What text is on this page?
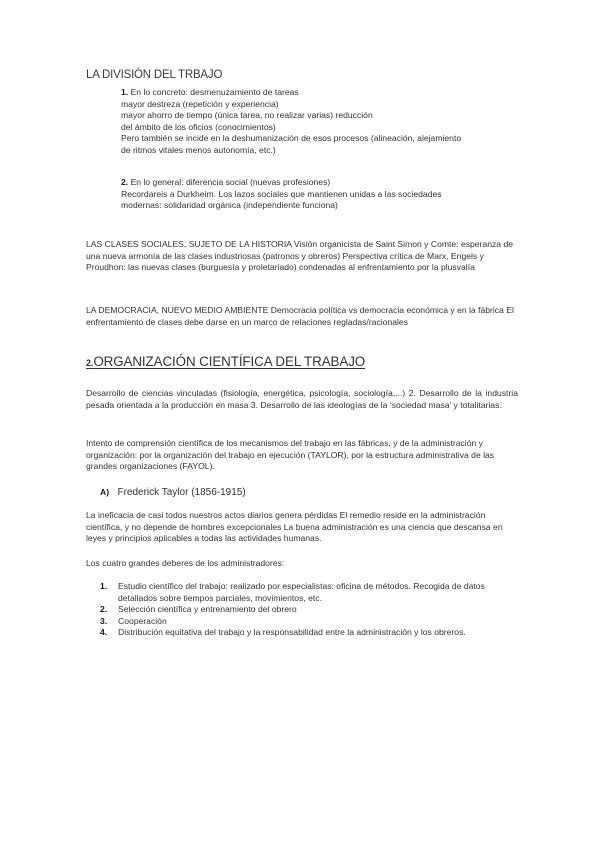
LA DIVISIÓN DEL TRBAJO
1. En lo concreto: desmenuzamiento de tareas
mayor destreza (repetición y experiencia)
mayor ahorro de tiempo (única tarea, no realizar varias) reducción
del ámbito de los oficios (conocimientos)
Pero también se incide en la deshumanización de esos procesos (alineación, alejamiento
de ritmos vitales menos autonomía, etc.)
2. En lo general: diferencia social (nuevas profesiones)
Recordareis a Durkheim. Los lazos sociales que mantienen unidas a las sociedades
modernas: solidaridad orgánica (independiente funciona)
LAS CLASES SOCIALES, SUJETO DE LA HISTORIA Visión organicista de Saint Simon y Comte: esperanza de una nueva armonía de las clases industriosas (patronos y obreros) Perspectiva crítica de Marx, Engels y Proudhon: las nuevas clases (burguesía y proletariado) condenadas al enfrentamiento por la plusvalía
LA DEMOCRACIA, NUEVO MEDIO AMBIENTE Democracia política vs democracia económica y en la fábrica El enfrentamiento de clases debe darse en un marco de relaciones regladas/racionales
2.ORGANIZACIÓN CIENTÍFICA DEL TRABAJO
Desarrollo de ciencias vinculadas (fisiología, energética, psicología, sociología,...) 2. Desarrollo de la industria pesada orientada a la producción en masa 3. Desarrollo de las ideologías de la ‘sociedad masa’ y totalitarias.
Intento de comprensión científica de los mecanismos del trabajo en las fábricas, y de la administración y organización: por la organización del trabajo en ejecución (TAYLOR), por la estructura administrativa de las grandes organizaciones (FAYOL).
A) Frederick Taylor (1856-1915)
La ineficacia de casi todos nuestros actos diarios genera pérdidas El remedio reside en la administración científica, y no depende de hombres excepcionales La buena administración es una ciencia que descansa en leyes y principios aplicables a todas las actividades humanas.
Los cuatro grandes deberes de los administradores:
1. Estudio científico del trabajo: realizado por especialistas: oficina de métodos. Recogida de datos detallados sobre tiempos parciales, movimientos, etc.
2. Selección científica y entrenamiento del obrero
3. Cooperación
4. Distribución equitativa del trabajo y la responsabilidad entre la administración y los obreros.
